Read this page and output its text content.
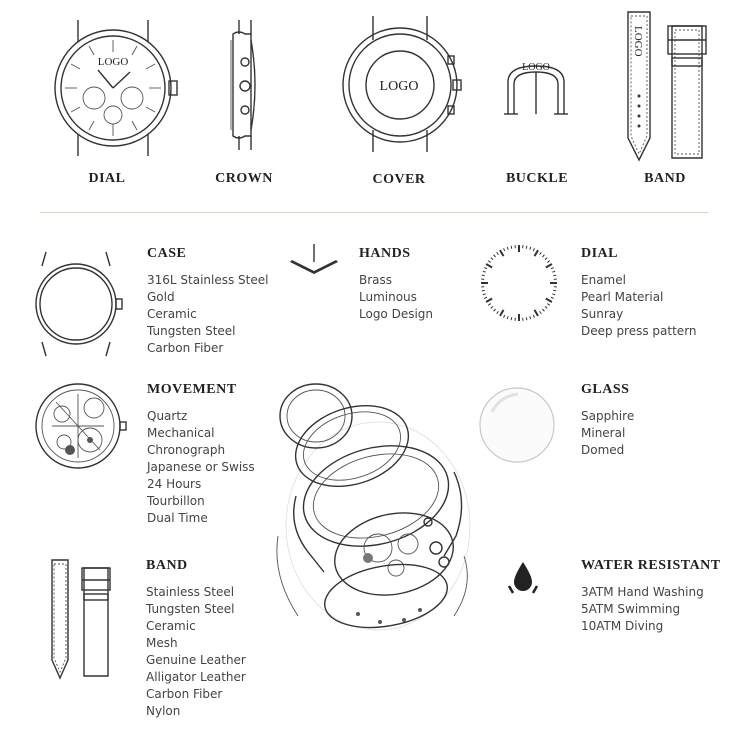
LOGO
DIAL	CROWN
LOGO
COVER
LOGO
BUCKLE
LOGO
BAND
CASE
316L Stainless Steel
Gold
Ceramic
Tungsten Steel
Carbon Fiber
HANDS
Brass
Luminous
Logo Design
DIAL
Enamel
Pearl Material
Sunray
Deep press pattern
MOVEMENT
Quartz
Mechanical
Chronograph
Japanese or Swiss
24 Hours
Tourbillon
Dual Time
GLASS
Sapphire
Mineral
Domed
BAND
Stainless Steel
Tungsten Steel
Ceramic
Mesh
Genuine Leather
Alligator Leather
Carbon Fiber
Nylon
WATER RESISTANT
3ATM Hand Washing
5ATM Swimming
10ATM Diving
